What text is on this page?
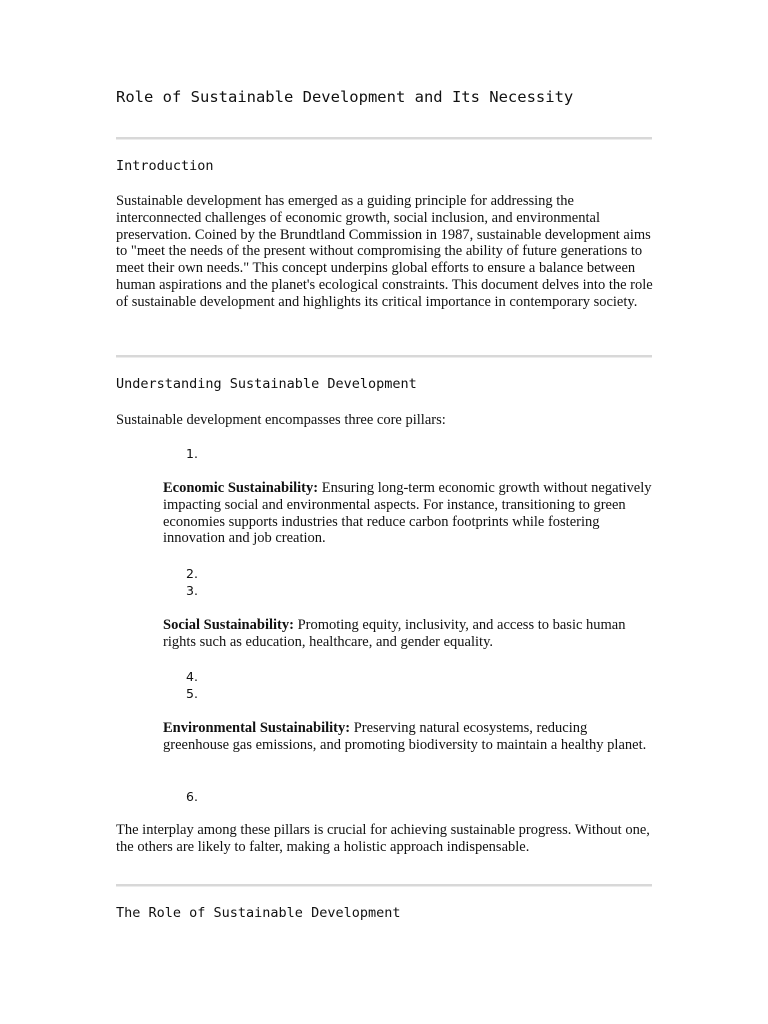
Role of Sustainable Development and Its Necessity
Introduction

Sustainable development has emerged as a guiding principle for addressing the interconnected challenges of economic growth, social inclusion, and environmental preservation. Coined by the Brundtland Commission in 1987, sustainable development aims to "meet the needs of the present without compromising the ability of future generations to meet their own needs." This concept underpins global efforts to ensure a balance between human aspirations and the planet's ecological constraints. This document delves into the role of sustainable development and highlights its critical importance in contemporary society.

Understanding Sustainable Development

Sustainable development encompasses three core pillars:

1.

Economic Sustainability: Ensuring long-term economic growth without negatively impacting social and environmental aspects. For instance, transitioning to green economies supports industries that reduce carbon footprints while fostering innovation and job creation.

2.
3.

Social Sustainability: Promoting equity, inclusivity, and access to basic human rights such as education, healthcare, and gender equality.

4.
5.

Environmental Sustainability: Preserving natural ecosystems, reducing greenhouse gas emissions, and promoting biodiversity to maintain a healthy planet.

6.

The interplay among these pillars is crucial for achieving sustainable progress. Without one, the others are likely to falter, making a holistic approach indispensable.

The Role of Sustainable Development
